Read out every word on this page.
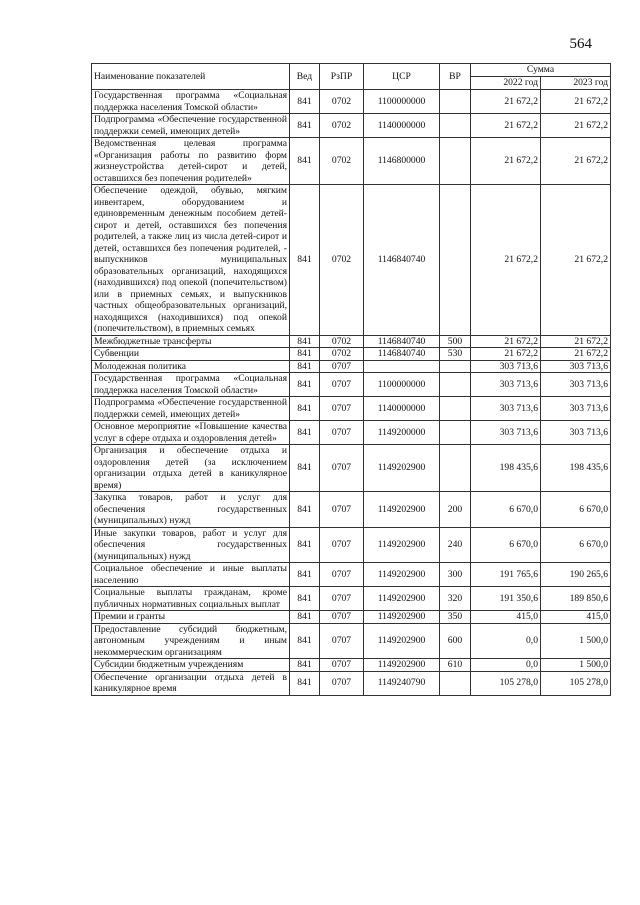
564
Наименование показателей	Вед	РзПР	ЦСР	ВР	Сумма	
					2022 год	2023 год
Государственная программа «Социальная поддержка населения Томской области»	841	0702	1100000000		21 672,2	21 672,2
Подпрограмма «Обеспечение государственной поддержки семей, имеющих детей»	841	0702	1140000000		21 672,2	21 672,2
Ведомственная целевая программа «Организация работы по развитию форм жизнеустройства детей-сирот и детей, оставшихся без попечения родителей»	841	0702	1146800000		21 672,2	21 672,2
Обеспечение одеждой, обувью, мягким инвентарем, оборудованием и единовременным денежным пособием детей-сирот и детей, оставшихся без попечения родителей, а также лиц из числа детей-сирот и детей, оставшихся без попечения родителей, - выпускников муниципальных образовательных организаций, находящихся (находившихся) под опекой (попечительством) или в приемных семьях, и выпускников частных общеобразовательных организаций, находящихся (находившихся) под опекой (попечительством), в приемных семьях	841	0702	1146840740		21 672,2	21 672,2
Межбюджетные трансферты	841	0702	1146840740	500	21 672,2	21 672,2
Субвенции	841	0702	1146840740	530	21 672,2	21 672,2
Молодежная политика	841	0707			303 713,6	303 713,6
Государственная программа «Социальная поддержка населения Томской области»	841	0707	1100000000		303 713,6	303 713,6
Подпрограмма «Обеспечение государственной поддержки семей, имеющих детей»	841	0707	1140000000		303 713,6	303 713,6
Основное мероприятие «Повышение качества услуг в сфере отдыха и оздоровления детей»	841	0707	1149200000		303 713,6	303 713,6
Организация и обеспечение отдыха и оздоровления детей (за исключением организации отдыха детей в каникулярное время)	841	0707	1149202900		198 435,6	198 435,6
Закупка товаров, работ и услуг для обеспечения государственных (муниципальных) нужд	841	0707	1149202900	200	6 670,0	6 670,0
Иные закупки товаров, работ и услуг для обеспечения государственных (муниципальных) нужд	841	0707	1149202900	240	6 670,0	6 670,0
Социальное обеспечение и иные выплаты населению	841	0707	1149202900	300	191 765,6	190 265,6
Социальные выплаты гражданам, кроме публичных нормативных социальных выплат	841	0707	1149202900	320	191 350,6	189 850,6
Премии и гранты	841	0707	1149202900	350	415,0	415,0
Предоставление субсидий бюджетным, автономным учреждениям и иным некоммерческим организациям	841	0707	1149202900	600	0,0	1 500,0
Субсидии бюджетным учреждениям	841	0707	1149202900	610	0,0	1 500,0
Обеспечение организации отдыха детей в каникулярное время	841	0707	1149240790		105 278,0	105 278,0
